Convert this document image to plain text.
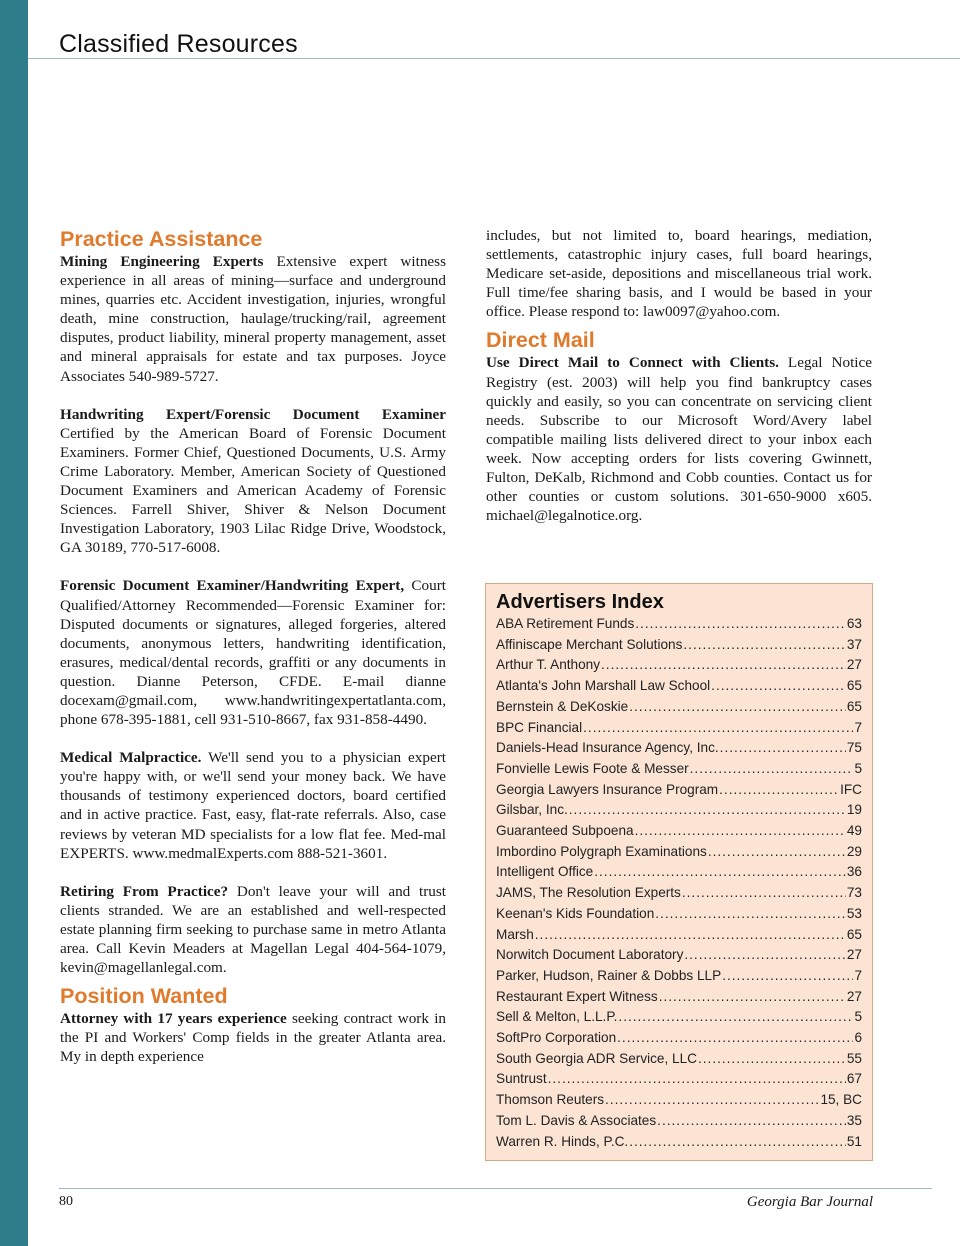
Classified Resources
Practice Assistance

Mining Engineering Experts Extensive expert witness experience in all areas of mining—surface and underground mines, quarries etc. Accident investigation, injuries, wrongful death, mine construction, haulage/trucking/rail, agreement disputes, product liability, mineral property management, asset and mineral appraisals for estate and tax purposes. Joyce Associates 540-989-5727.

Handwriting Expert/Forensic Document Examiner Certified by the American Board of Forensic Document Examiners. Former Chief, Questioned Documents, U.S. Army Crime Laboratory. Member, American Society of Questioned Document Examiners and American Academy of Forensic Sciences. Farrell Shiver, Shiver & Nelson Document Investigation Laboratory, 1903 Lilac Ridge Drive, Woodstock, GA 30189, 770-517-6008.

Forensic Document Examiner/Handwriting Expert, Court Qualified/Attorney Recommended—Forensic Examiner for: Disputed documents or signatures, alleged forgeries, altered documents, anonymous letters, handwriting identification, erasures, medical/dental records, graffiti or any documents in question. Dianne Peterson, CFDE. E-mail dianne docexam@gmail.com, www.handwritingexpertatlanta.com, phone 678-395-1881, cell 931-510-8667, fax 931-858-4490.

Medical Malpractice. We'll send you to a physician expert you're happy with, or we'll send your money back. We have thousands of testimony experienced doctors, board certified and in active practice. Fast, easy, flat-rate referrals. Also, case reviews by veteran MD specialists for a low flat fee. Med-mal EXPERTS. www.medmalExperts.com 888-521-3601.

Retiring From Practice? Don't leave your will and trust clients stranded. We are an established and well-respected estate planning firm seeking to purchase same in metro Atlanta area. Call Kevin Meaders at Magellan Legal 404-564-1079, kevin@magellanlegal.com.

Position Wanted

Attorney with 17 years experience seeking contract work in the PI and Workers' Comp fields in the greater Atlanta area. My in depth experience

includes, but not limited to, board hearings, mediation, settlements, catastrophic injury cases, full board hearings, Medicare set-aside, depositions and miscellaneous trial work. Full time/fee sharing basis, and I would be based in your office. Please respond to: law0097@yahoo.com.

Direct Mail

Use Direct Mail to Connect with Clients. Legal Notice Registry (est. 2003) will help you find bankruptcy cases quickly and easily, so you can concentrate on servicing client needs. Subscribe to our Microsoft Word/Avery label compatible mailing lists delivered direct to your inbox each week. Now accepting orders for lists covering Gwinnett, Fulton, DeKalb, Richmond and Cobb counties. Contact us for other counties or custom solutions. 301-650-9000 x605. michael@legalnotice.org.

Advertisers Index
ABA Retirement Funds .....	63
Affiniscape Merchant Solutions .....	37
Arthur T. Anthony .....	27
Atlanta's John Marshall Law School .....	65
Bernstein & DeKoskie .....	65
BPC Financial .....	7
Daniels-Head Insurance Agency, Inc. .....	75
Fonvielle Lewis Foote & Messer .....	5
Georgia Lawyers Insurance Program .....	IFC
Gilsbar, Inc. .....	19
Guaranteed Subpoena .....	49
Imbordino Polygraph Examinations .....	29
Intelligent Office .....	36
JAMS, The Resolution Experts .....	73
Keenan's Kids Foundation .....	53
Marsh .....	65
Norwitch Document Laboratory .....	27
Parker, Hudson, Rainer & Dobbs LLP .....	7
Restaurant Expert Witness .....	27
Sell & Melton, L.L.P. .....	5
SoftPro Corporation .....	6
South Georgia ADR Service, LLC .....	55
Suntrust .....	67
Thomson Reuters .....	15, BC
Tom L. Davis & Associates .....	35
Warren R. Hinds, P.C. .....	51
80	Georgia Bar Journal
